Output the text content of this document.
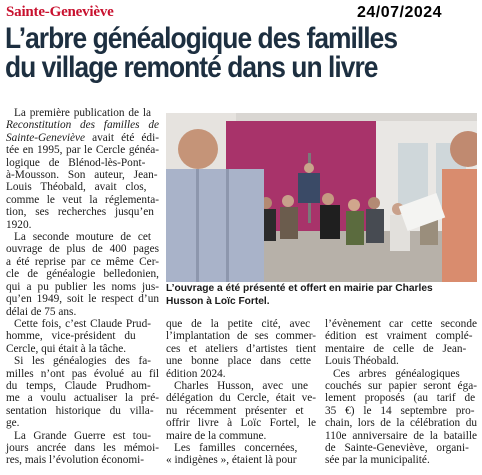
Sainte-Geneviève	24/07/2024
L’arbre généalogique des familles
du village remonté dans un livre

La première publication de la
Reconstitution des familles de
Sainte-Geneviève avait été édi-
tée en 1995, par le Cercle généa-
logique de Blénod-lès-Pont-
à-Mousson. Son auteur, Jean-
Louis Théobald, avait clos,
comme le veut la réglementa-
tion, ses recherches jusqu’en
1920.

La seconde mouture de cet
ouvrage de plus de 400 pages
a été reprise par ce même Cer-
cle de généalogie belledonien,
qui a pu publier les noms jus-
qu’en 1949, soit le respect d’un
délai de 75 ans.

Cette fois, c’est Claude Prud-
homme, vice-président du
Cercle, qui était à la tâche.

Si les généalogies des fa-
milles n’ont pas évolué au fil
du temps, Claude Prudhom-
me a voulu actualiser la pré-
sentation historique du villa-
ge.

La Grande Guerre est tou-
jours ancrée dans les mémoi-
res, mais l’évolution économi-

L’ouvrage a été présenté et offert en mairie par Charles
Husson à Loïc Fortel.

que de la petite cité, avec
l’implantation de ses commer-
ces et ateliers d’artistes tient
une bonne place dans cette
édition 2024.

Charles Husson, avec une
délégation du Cercle, était ve-
nu récemment présenter et
offrir livre à Loïc Fortel, le
maire de la commune.

Les familles concernées,
« indigènes », étaient là pour

l’évènement car cette seconde
édition est vraiment complé-
mentaire de celle de Jean-
Louis Théobald.

Ces arbres généalogiques
couchés sur papier seront éga-
lement proposés (au tarif de
35 €) le 14 septembre pro-
chain, lors de la célébration du
110e anniversaire de la bataille
de Sainte-Geneviève, organi-
sée par la municipalité.
